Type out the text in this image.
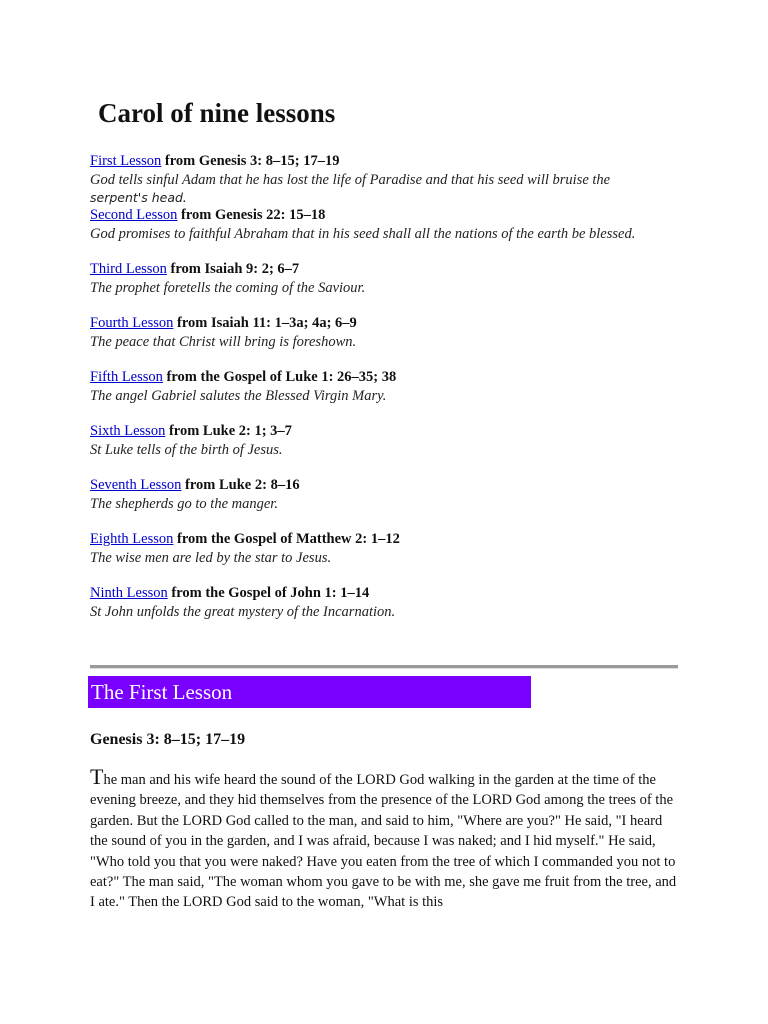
Carol of nine lessons
First Lesson from Genesis 3: 8–15; 17–19
God tells sinful Adam that he has lost the life of Paradise and that his seed will bruise the
serpent's head.
Second Lesson from Genesis 22: 15–18
God promises to faithful Abraham that in his seed shall all the nations of the earth be blessed.
Third Lesson from Isaiah 9: 2; 6–7
The prophet foretells the coming of the Saviour.
Fourth Lesson from Isaiah 11: 1–3a; 4a; 6–9
The peace that Christ will bring is foreshown.
Fifth Lesson from the Gospel of Luke 1: 26–35; 38
The angel Gabriel salutes the Blessed Virgin Mary.
Sixth Lesson from Luke 2: 1; 3–7
St Luke tells of the birth of Jesus.
Seventh Lesson from Luke 2: 8–16
The shepherds go to the manger.
Eighth Lesson from the Gospel of Matthew 2: 1–12
The wise men are led by the star to Jesus.
Ninth Lesson from the Gospel of John 1: 1–14
St John unfolds the great mystery of the Incarnation.
The First Lesson
Genesis 3: 8–15; 17–19

The man and his wife heard the sound of the LORD God walking in the garden at the time of the evening breeze, and they hid themselves from the presence of the LORD God among the trees of the garden. But the LORD God called to the man, and said to him, "Where are you?" He said, "I heard the sound of you in the garden, and I was afraid, because I was naked; and I hid myself." He said, "Who told you that you were naked? Have you eaten from the tree of which I commanded you not to eat?" The man said, "The woman whom you gave to be with me, she gave me fruit from the tree, and I ate." Then the LORD God said to the woman, "What is this
